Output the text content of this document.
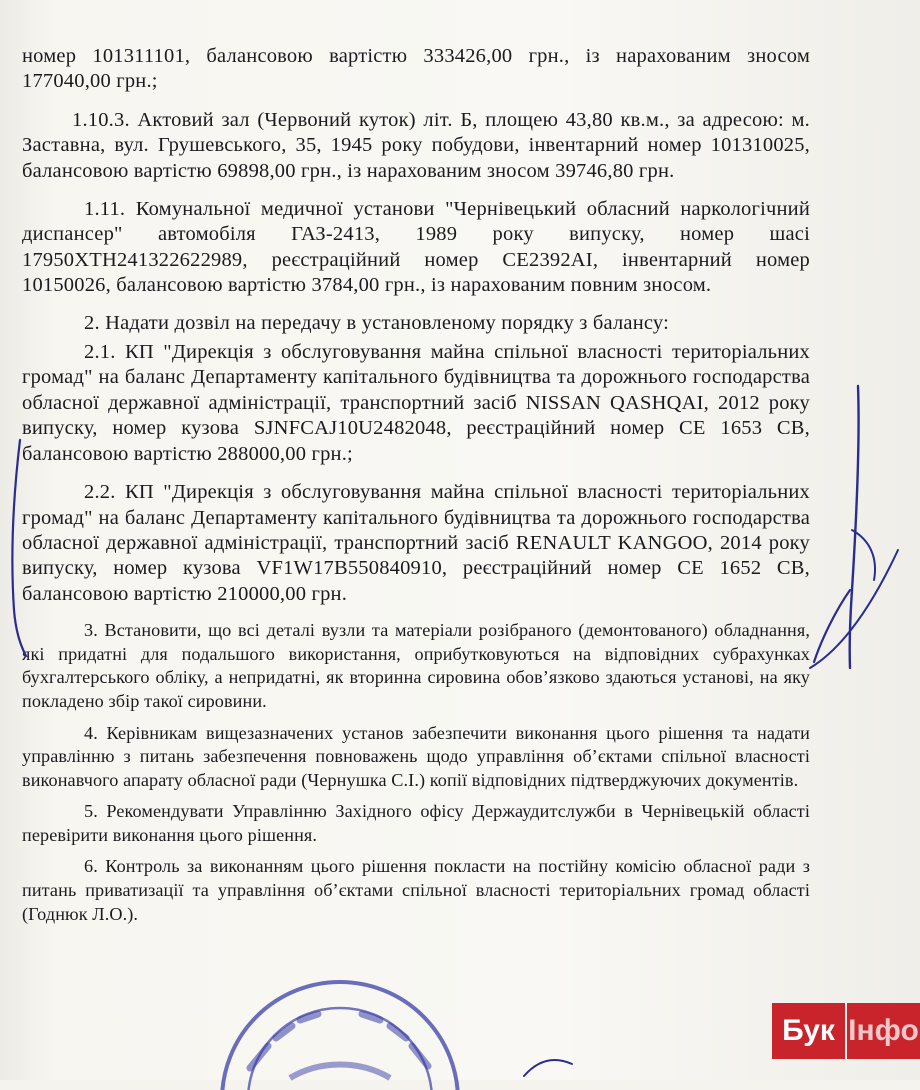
номер 101311101, балансовою вартістю 333426,00 грн., із нарахованим зносом 177040,00 грн.;

1.10.3. Актовий зал (Червоний куток) літ. Б, площею 43,80 кв.м., за адресою: м. Заставна, вул. Грушевського, 35, 1945 року побудови, інвентарний номер 101310025, балансовою вартістю 69898,00 грн., із нарахованим зносом 39746,80 грн.

1.11. Комунальної медичної установи "Чернівецький обласний наркологічний диспансер" автомобіля ГАЗ-2413, 1989 року випуску, номер шасі 17950ХТН241322622989, реєстраційний номер СЕ2392АІ, інвентарний номер 10150026, балансовою вартістю 3784,00 грн., із нарахованим повним зносом.

2. Надати дозвіл на передачу в установленому порядку з балансу:

2.1. КП "Дирекція з обслуговування майна спільної власності територіальних громад" на баланс Департаменту капітального будівництва та дорожнього господарства обласної державної адміністрації, транспортний засіб NISSAN QASHQAI, 2012 року випуску, номер кузова SJNFCAJ10U2482048, реєстраційний номер СЕ 1653 СВ, балансовою вартістю 288000,00 грн.;

2.2. КП "Дирекція з обслуговування майна спільної власності територіальних громад" на баланс Департаменту капітального будівництва та дорожнього господарства обласної державної адміністрації, транспортний засіб RENAULT KANGOO, 2014 року випуску, номер кузова VF1W17B550840910, реєстраційний номер СЕ 1652 СВ, балансовою вартістю 210000,00 грн.

3. Встановити, що всі деталі вузли та матеріали розібраного (демонтованого) обладнання, які придатні для подальшого використання, оприбутковуються на відповідних субрахунках бухгалтерського обліку, а непридатні, як вторинна сировина обов’язково здаються установі, на яку покладено збір такої сировини.

4. Керівникам вищезазначених установ забезпечити виконання цього рішення та надати управлінню з питань забезпечення повноважень щодо управління об’єктами спільної власності виконавчого апарату обласної ради (Чернушка С.І.) копії відповідних підтверджуючих документів.

5. Рекомендувати Управлінню Західного офісу Держаудитслужби в Чернівецькій області перевірити виконання цього рішення.

6. Контроль за виконанням цього рішення покласти на постійну комісію обласної ради з питань приватизації та управління об’єктами спільної власності територіальних громад області (Годнюк Л.О.).

Бук Інфо
